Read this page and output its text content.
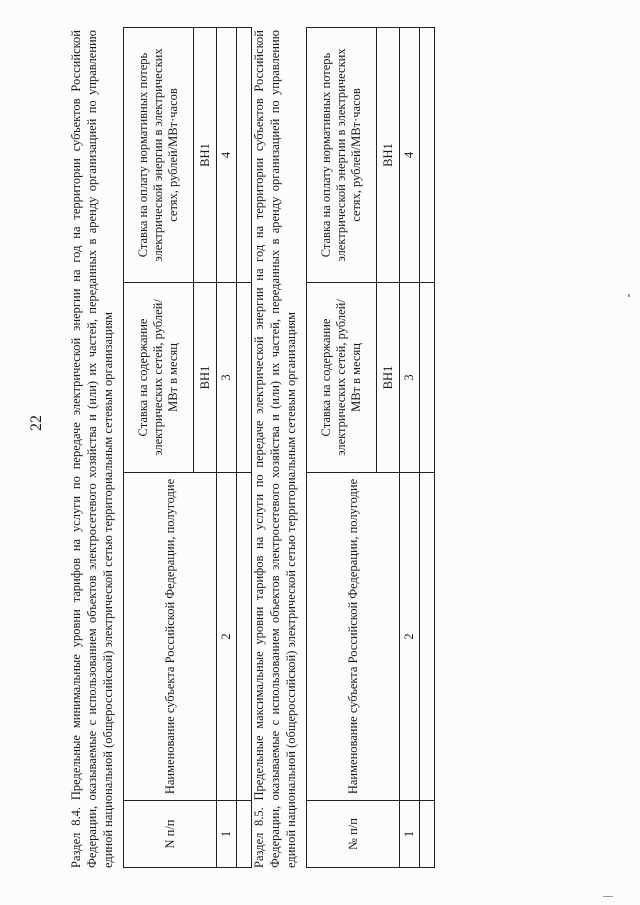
22 Раздел 8.4. Предельные минимальные уровни тарифов на услуги по передаче электрической энергии на год на территории субъектов Российской Федерации, оказываемые с использованием объектов электросетевого хозяйства и (или) их частей, переданных в аренду организацией по управлению единой национальной (общероссийской) электрической сетью территориальным сетевым организациям	N п/п	Наименование субъекта Российской Федерации, полугодие	Ставка на содержание электрических сетей, рублей/МВт в месяц	Ставка на оплату нормативных потерь электрической энергии в электрических сетях, рублей/МВт·часов
		ВН1	ВН1
1	2	3	4
			Раздел 8.5. Предельные максимальные уровни тарифов на услуги по передаче электрической энергии на год на территории субъектов Российской Федерации, оказываемые с использованием объектов электросетевого хозяйства и (или) их частей, переданных в аренду организацией по управлению единой национальной (общероссийской) электрической сетью территориальным сетевым организациям	№ п/п	Наименование субъекта Российской Федерации, полугодие	Ставка на содержание электрических сетей, рублей/МВт в месяц	Ставка на оплату нормативных потерь электрической энергии в электрических сетях, рублей/МВт·часов
		ВН1	ВН1
1	2	3	4
